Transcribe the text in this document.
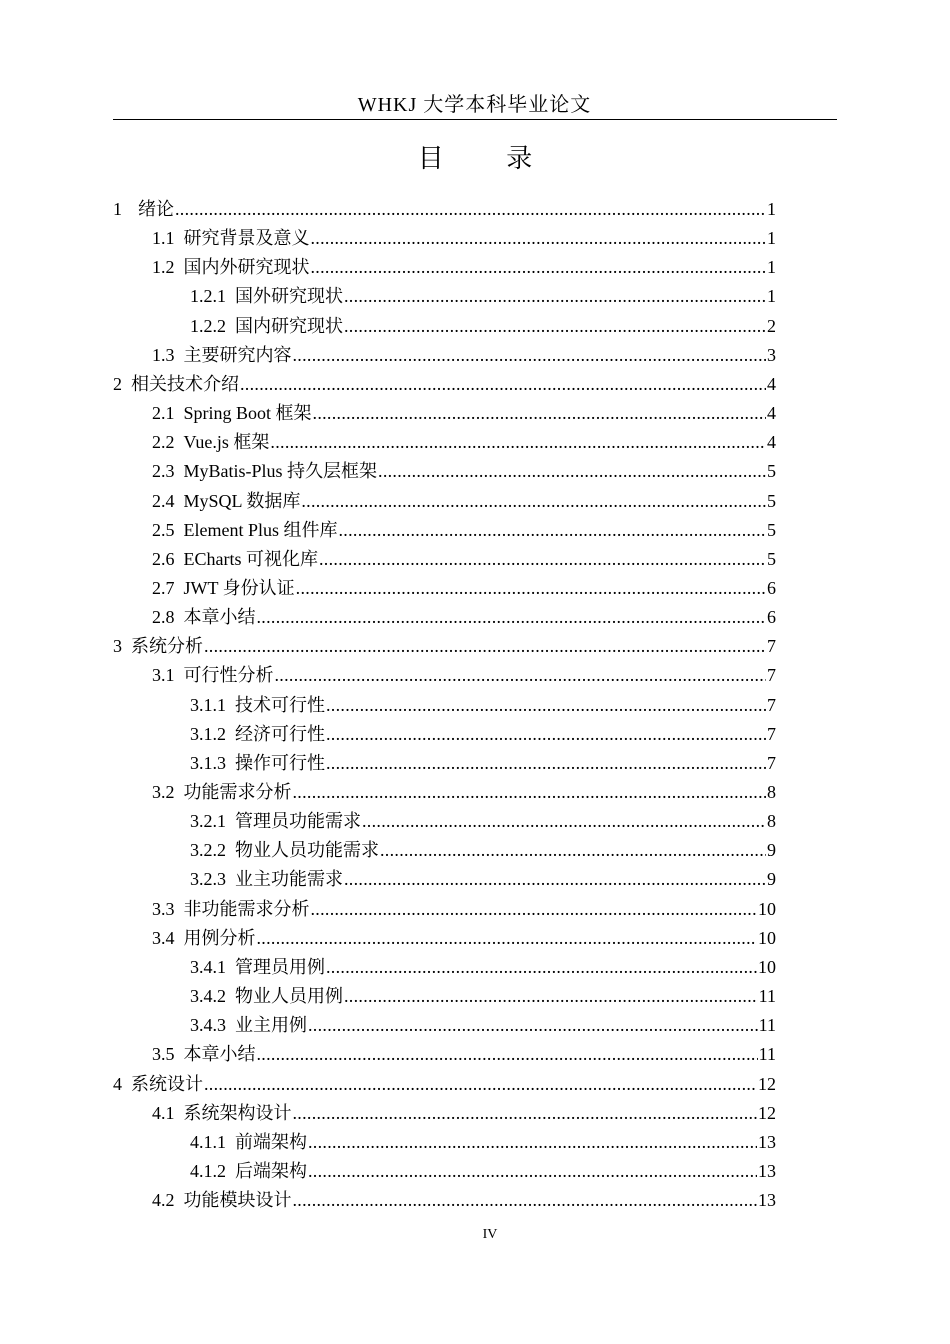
WHKJ 大学本科毕业论文
目 录
1 绪论 .....	1
1.1 研究背景及意义 .....	1
1.2 国内外研究现状 .....	1
1.2.1 国外研究现状 .....	1
1.2.2 国内研究现状 .....	2
1.3 主要研究内容 .....	3
2 相关技术介绍 .....	4
2.1 Spring Boot 框架 .....	4
2.2 Vue.js 框架 .....	4
2.3 MyBatis-Plus 持久层框架 .....	5
2.4 MySQL 数据库 .....	5
2.5 Element Plus 组件库 .....	5
2.6 ECharts 可视化库 .....	5
2.7 JWT 身份认证 .....	6
2.8 本章小结 .....	6
3 系统分析 .....	7
3.1 可行性分析 .....	7
3.1.1 技术可行性 .....	7
3.1.2 经济可行性 .....	7
3.1.3 操作可行性 .....	7
3.2 功能需求分析 .....	8
3.2.1 管理员功能需求 .....	8
3.2.2 物业人员功能需求 .....	9
3.2.3 业主功能需求 .....	9
3.3 非功能需求分析 .....	10
3.4 用例分析 .....	10
3.4.1 管理员用例 .....	10
3.4.2 物业人员用例 .....	11
3.4.3 业主用例 .....	11
3.5 本章小结 .....	11
4 系统设计 .....	12
4.1 系统架构设计 .....	12
4.1.1 前端架构 .....	13
4.1.2 后端架构 .....	13
4.2 功能模块设计 .....	13
IV
